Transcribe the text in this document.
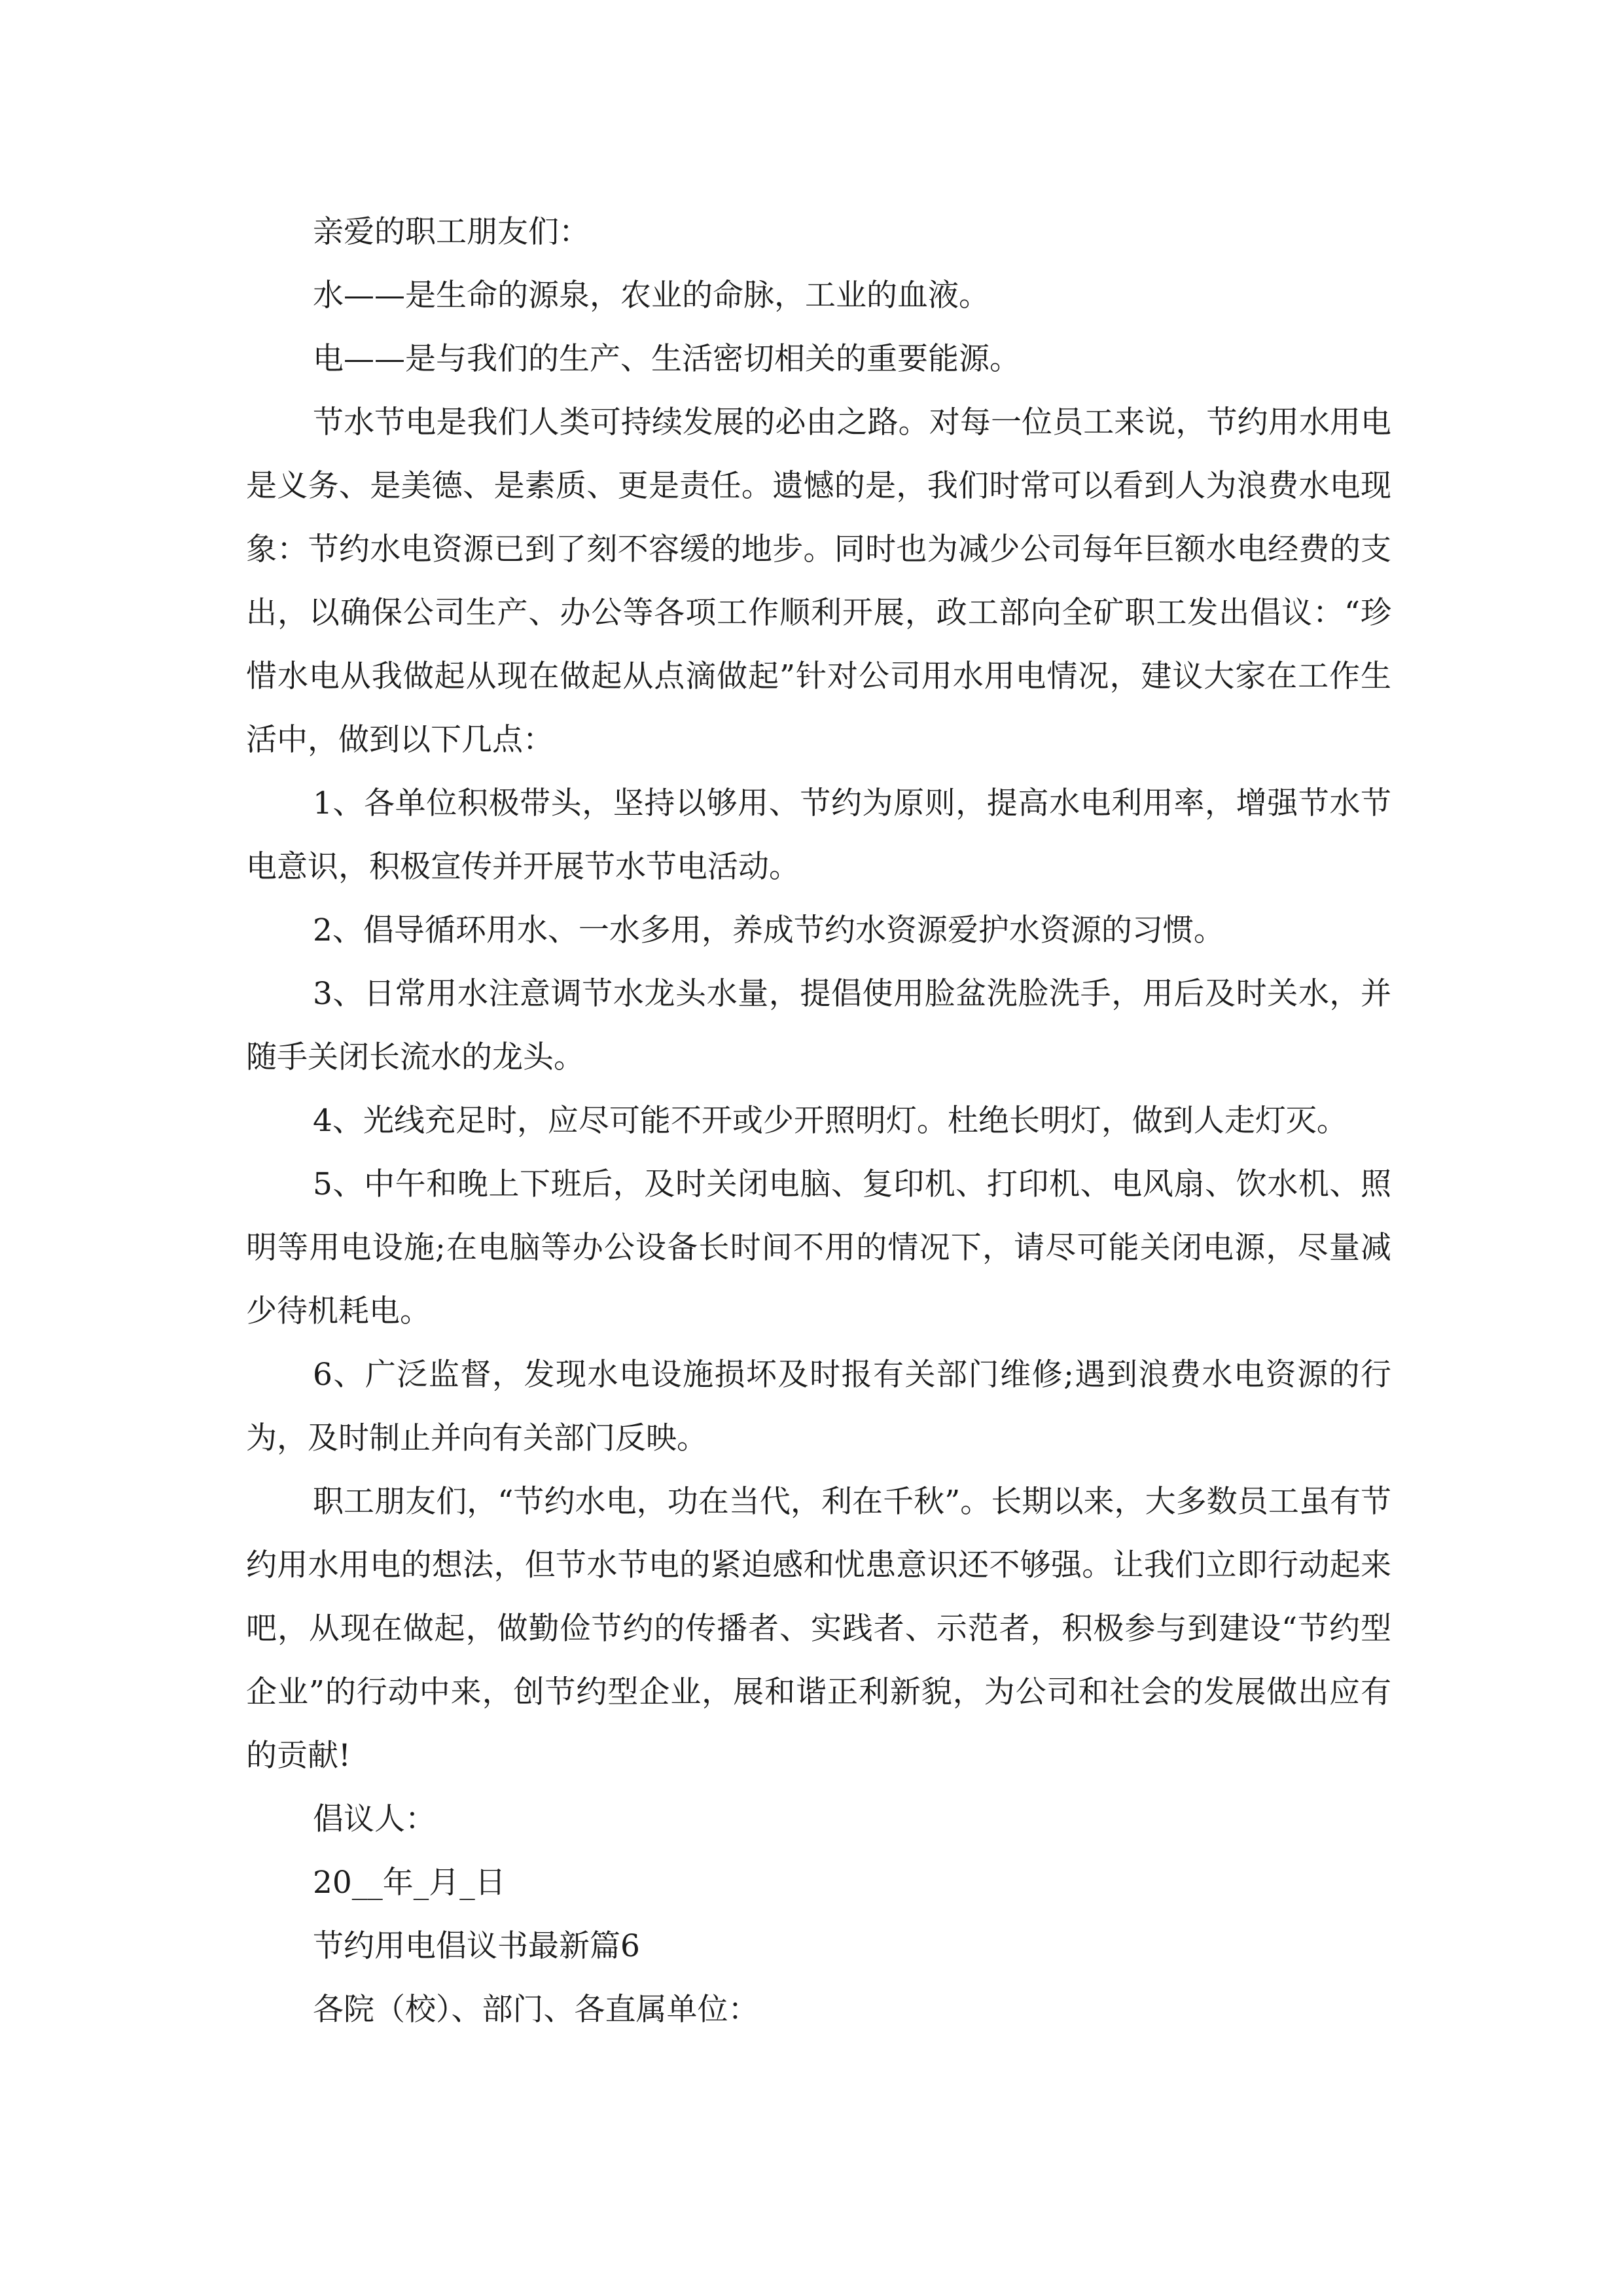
亲爱的职工朋友们：

水——是生命的源泉，农业的命脉，工业的血液。

电——是与我们的生产、生活密切相关的重要能源。

节水节电是我们人类可持续发展的必由之路。对每一位员工来说，节约用水用电是义务、是美德、是素质、更是责任。遗憾的是，我们时常可以看到人为浪费水电现象：节约水电资源已到了刻不容缓的地步。同时也为减少公司每年巨额水电经费的支出，以确保公司生产、办公等各项工作顺利开展，政工部向全矿职工发出倡议：“珍惜水电从我做起从现在做起从点滴做起”针对公司用水用电情况，建议大家在工作生活中，做到以下几点：

1、各单位积极带头，坚持以够用、节约为原则，提高水电利用率，增强节水节电意识，积极宣传并开展节水节电活动。

2、倡导循环用水、一水多用，养成节约水资源爱护水资源的习惯。

3、日常用水注意调节水龙头水量，提倡使用脸盆洗脸洗手，用后及时关水，并随手关闭长流水的龙头。

4、光线充足时，应尽可能不开或少开照明灯。杜绝长明灯，做到人走灯灭。

5、中午和晚上下班后，及时关闭电脑、复印机、打印机、电风扇、饮水机、照明等用电设施;在电脑等办公设备长时间不用的情况下，请尽可能关闭电源，尽量减少待机耗电。

6、广泛监督，发现水电设施损坏及时报有关部门维修;遇到浪费水电资源的行为，及时制止并向有关部门反映。

职工朋友们，“节约水电，功在当代，利在千秋”。长期以来，大多数员工虽有节约用水用电的想法，但节水节电的紧迫感和忧患意识还不够强。让我们立即行动起来吧，从现在做起，做勤俭节约的传播者、实践者、示范者，积极参与到建设“节约型企业”的行动中来，创节约型企业，展和谐正利新貌，为公司和社会的发展做出应有的贡献!

倡议人：

20__年_月_日

节约用电倡议书最新篇6

各院（校）、部门、各直属单位：
